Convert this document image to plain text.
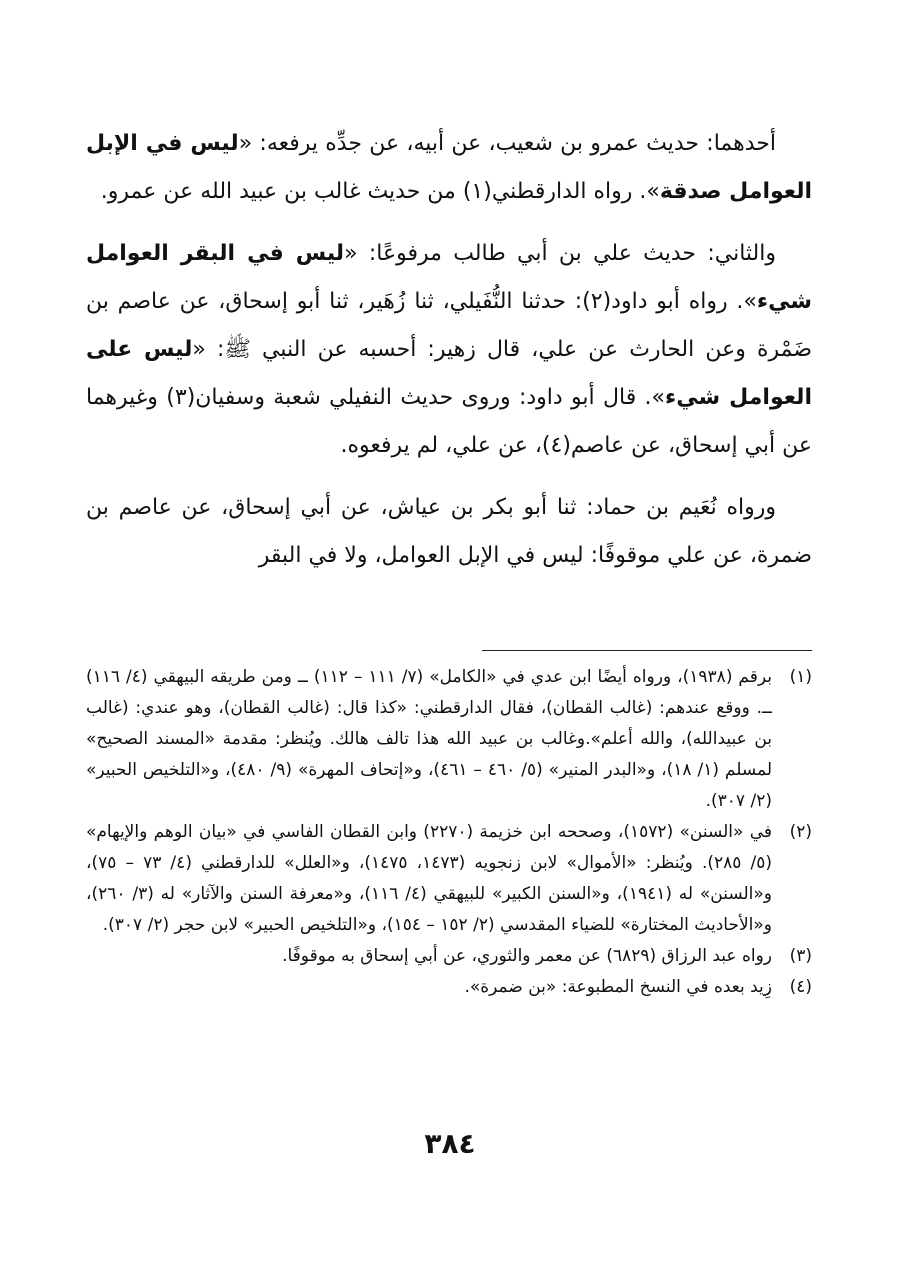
أحدهما: حديث عمرو بن شعيب، عن أبيه، عن جدِّه يرفعه: «ليس في الإبل العوامل صدقة». رواه الدارقطني(١) من حديث غالب بن عبيد الله عن عمرو.

والثاني: حديث علي بن أبي طالب مرفوعًا: «ليس في البقر العوامل شيء». رواه أبو داود(٢): حدثنا النُّفَيلي، ثنا زُهَير، ثنا أبو إسحاق، عن عاصم بن ضَمْرة وعن الحارث عن علي، قال زهير: أحسبه عن النبي ﷺ: «ليس على العوامل شيء». قال أبو داود: وروى حديث النفيلي شعبة وسفيان(٣) وغيرهما عن أبي إسحاق، عن عاصم(٤)، عن علي، لم يرفعوه.

ورواه نُعَيم بن حماد: ثنا أبو بكر بن عياش، عن أبي إسحاق، عن عاصم بن ضمرة، عن علي موقوفًا: ليس في الإبل العوامل، ولا في البقر

(١)
برقم (١٩٣٨)، ورواه أيضًا ابن عدي في «الكامل» (٧/ ١١١ – ١١٢) ــ ومن طريقه البيهقي (٤/ ١١٦) ــ. ووقع عندهم: (غالب القطان)، فقال الدارقطني: «كذا قال: (غالب القطان)، وهو عندي: (غالب بن عبيدالله)، والله أعلم».وغالب بن عبيد الله هذا تالف هالك. ويُنظر: مقدمة «المسند الصحيح» لمسلم (١/ ١٨)، و«البدر المنير» (٥/ ٤٦٠ – ٤٦١)، و«إتحاف المهرة» (٩/ ٤٨٠)، و«التلخيص الحبير» (٢/ ٣٠٧).
(٢)
في «السنن» (١٥٧٢)، وصححه ابن خزيمة (٢٢٧٠) وابن القطان الفاسي في «بيان الوهم والإيهام» (٥/ ٢٨٥). ويُنظر: «الأموال» لابن زنجويه (١٤٧٣، ١٤٧٥)، و«العلل» للدارقطني (٤/ ٧٣ – ٧٥)، و«السنن» له (١٩٤١)، و«السنن الكبير» للبيهقي (٤/ ١١٦)، و«معرفة السنن والآثار» له (٣/ ٢٦٠)، و«الأحاديث المختارة» للضياء المقدسي (٢/ ١٥٢ – ١٥٤)، و«التلخيص الحبير» لابن حجر (٢/ ٣٠٧).
(٣)
رواه عبد الرزاق (٦٨٢٩) عن معمر والثوري، عن أبي إسحاق به موقوفًا.
(٤)
زِيد بعده في النسخ المطبوعة: «بن ضمرة».
٣٨٤
